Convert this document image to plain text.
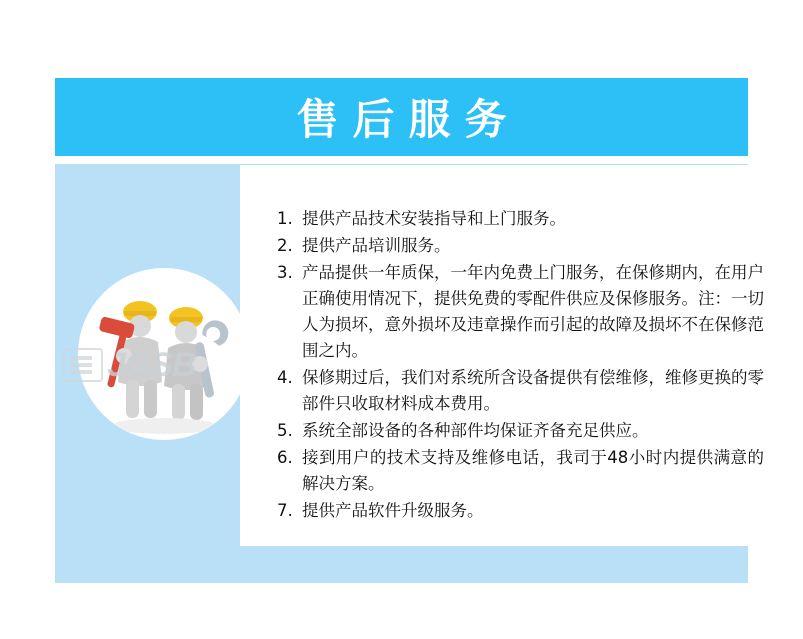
售后服务
JGSB
1. 提供产品技术安装指导和上门服务。
2. 提供产品培训服务。
3. 产品提供一年质保，一年内免费上门服务，在保修期内，在用户正确使用情况下，提供免费的零配件供应及保修服务。注：一切人为损坏，意外损坏及违章操作而引起的故障及损坏不在保修范围之内。
4. 保修期过后，我们对系统所含设备提供有偿维修，维修更换的零部件只收取材料成本费用。
5. 系统全部设备的各种部件均保证齐备充足供应。
6. 接到用户的技术支持及维修电话，我司于48小时内提供满意的解决方案。
7. 提供产品软件升级服务。
